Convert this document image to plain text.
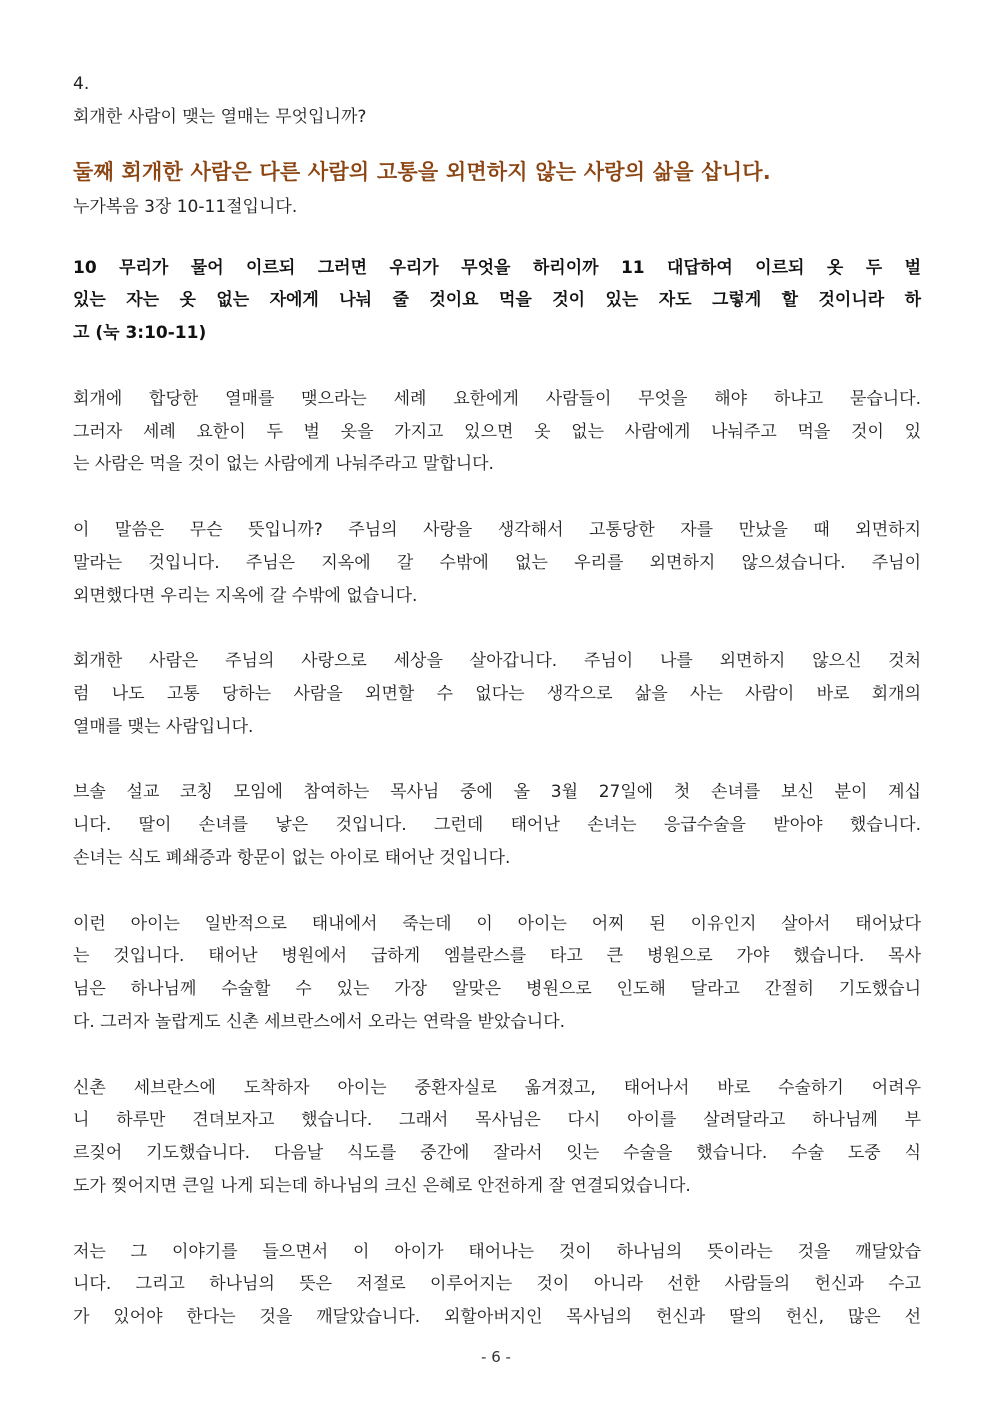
4.

회개한 사람이 맺는 열매는 무엇입니까?

둘째 회개한 사람은 다른 사람의 고통을 외면하지 않는 사랑의 삶을 삽니다.

누가복음 3장 10-11절입니다.

10 무리가 물어 이르되 그러면 우리가 무엇을 하리이까 11 대답하여 이르되 옷 두 벌
있는 자는 옷 없는 자에게 나눠 줄 것이요 먹을 것이 있는 자도 그렇게 할 것이니라 하
고 (눅 3:10-11)
회개에 합당한 열매를 맺으라는 세례 요한에게 사람들이 무엇을 해야 하냐고 묻습니다.
그러자 세례 요한이 두 벌 옷을 가지고 있으면 옷 없는 사람에게 나눠주고 먹을 것이 있
는 사람은 먹을 것이 없는 사람에게 나눠주라고 말합니다.
이 말씀은 무슨 뜻입니까? 주님의 사랑을 생각해서 고통당한 자를 만났을 때 외면하지
말라는 것입니다. 주님은 지옥에 갈 수밖에 없는 우리를 외면하지 않으셨습니다. 주님이
외면했다면 우리는 지옥에 갈 수밖에 없습니다.
회개한 사람은 주님의 사랑으로 세상을 살아갑니다. 주님이 나를 외면하지 않으신 것처
럼 나도 고통 당하는 사람을 외면할 수 없다는 생각으로 삶을 사는 사람이 바로 회개의
열매를 맺는 사람입니다.
브솔 설교 코칭 모임에 참여하는 목사님 중에 올 3월 27일에 첫 손녀를 보신 분이 계십
니다. 딸이 손녀를 낳은 것입니다. 그런데 태어난 손녀는 응급수술을 받아야 했습니다.
손녀는 식도 폐쇄증과 항문이 없는 아이로 태어난 것입니다.
이런 아이는 일반적으로 태내에서 죽는데 이 아이는 어찌 된 이유인지 살아서 태어났다
는 것입니다. 태어난 병원에서 급하게 엠블란스를 타고 큰 병원으로 가야 했습니다. 목사
님은 하나님께 수술할 수 있는 가장 알맞은 병원으로 인도해 달라고 간절히 기도했습니
다. 그러자 놀랍게도 신촌 세브란스에서 오라는 연락을 받았습니다.
신촌 세브란스에 도착하자 아이는 중환자실로 옮겨졌고, 태어나서 바로 수술하기 어려우
니 하루만 견뎌보자고 했습니다. 그래서 목사님은 다시 아이를 살려달라고 하나님께 부
르짖어 기도했습니다. 다음날 식도를 중간에 잘라서 잇는 수술을 했습니다. 수술 도중 식
도가 찢어지면 큰일 나게 되는데 하나님의 크신 은혜로 안전하게 잘 연결되었습니다.
저는 그 이야기를 들으면서 이 아이가 태어나는 것이 하나님의 뜻이라는 것을 깨달았습
니다. 그리고 하나님의 뜻은 저절로 이루어지는 것이 아니라 선한 사람들의 헌신과 수고
가 있어야 한다는 것을 깨달았습니다. 외할아버지인 목사님의 헌신과 딸의 헌신, 많은 선
- 6 -
